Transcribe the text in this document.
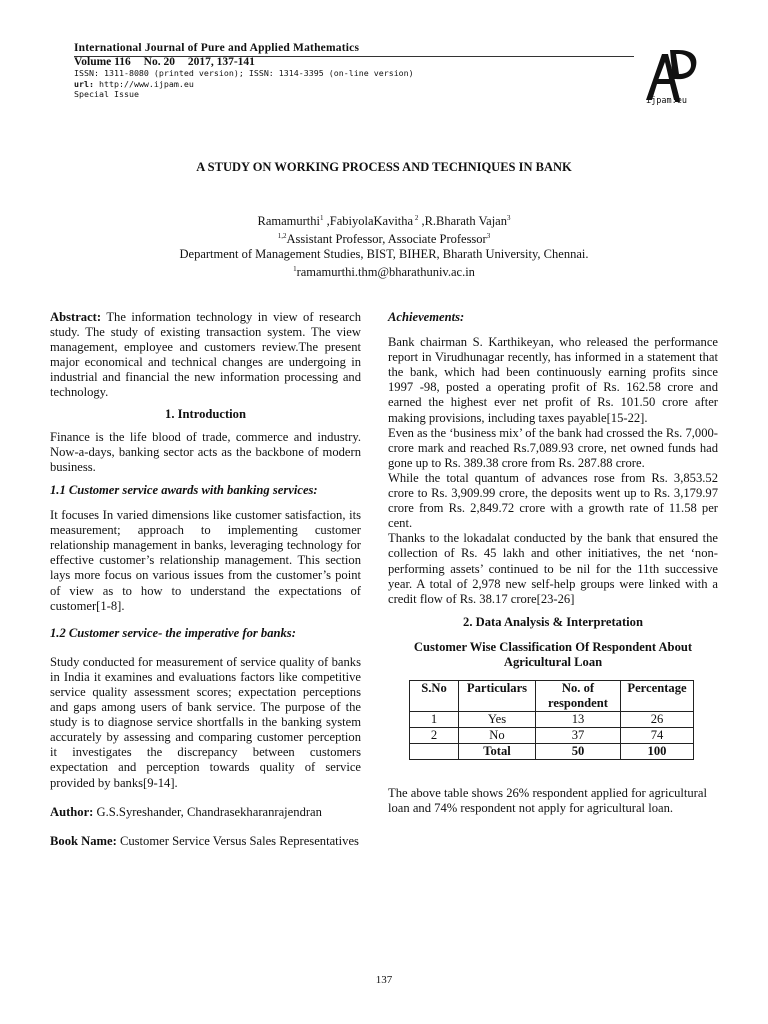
International Journal of Pure and Applied Mathematics
Volume 116 No. 20 2017, 137-141
ISSN: 1311-8080 (printed version); ISSN: 1314-3395 (on-line version)
url: http://www.ijpam.eu
Special Issue
ijpam.eu
A STUDY ON WORKING PROCESS AND TECHNIQUES IN BANK
Ramamurthi$^1$ ,FabiyolaKavitha $^2$ ,R.Bharath Vajan$^3$
$^{1,2}$Assistant Professor, Associate Professor$^3$
Department of Management Studies, BIST, BIHER, Bharath University, Chennai.
$^1$ramamurthi.thm@bharathuniv.ac.in

Abstract: The information technology in view of research study. The study of existing transaction system. The view management, employee and customers review.The present major economical and technical changes are undergoing in industrial and financial the new information processing and technology.

1. Introduction

Finance is the life blood of trade, commerce and industry. Now-a-days, banking sector acts as the backbone of modern business.

1.1 Customer service awards with banking services:

It focuses In varied dimensions like customer satisfaction, its measurement; approach to implementing customer relationship management in banks, leveraging technology for effective customer’s relationship management. This section lays more focus on various issues from the customer’s point of view as to how to understand the expectations of customer[1-8].

1.2 Customer service- the imperative for banks:

Study conducted for measurement of service quality of banks in India it examines and evaluations factors like competitive service quality assessment scores; expectation perceptions and gaps among users of bank service. The purpose of the study is to diagnose service shortfalls in the banking system accurately by assessing and comparing customer perception it investigates the discrepancy between customers expectation and perception towards quality of service provided by banks[9-14].

Author: G.S.Syreshander, Chandrasekharanrajendran

Book Name: Customer Service Versus Sales Representatives

Achievements:

Bank chairman S. Karthikeyan, who released the performance report in Virudhunagar recently, has informed in a statement that the bank, which had been continuously earning profits since 1997 -98, posted a operating profit of Rs. 162.58 crore and earned the highest ever net profit of Rs. 101.50 crore after making provisions, including taxes payable[15-22].

Even as the ‘business mix’ of the bank had crossed the Rs. 7,000-crore mark and reached Rs.7,089.93 crore, net owned funds had gone up to Rs. 389.38 crore from Rs. 287.88 crore.

While the total quantum of advances rose from Rs. 3,853.52 crore to Rs. 3,909.99 crore, the deposits went up to Rs. 3,179.97 crore from Rs. 2,849.72 crore with a growth rate of 11.58 per cent.

Thanks to the lokadalat conducted by the bank that ensured the collection of Rs. 45 lakh and other initiatives, the net ‘non-performing assets’ continued to be nil for the 11th successive year. A total of 2,978 new self-help groups were linked with a credit flow of Rs. 38.17 crore[23-26]

2. Data Analysis & Interpretation
Customer Wise Classification Of Respondent About Agricultural Loan
S.No	Particulars	No. of respondent	Percentage
1	Yes	13	26
2	No	37	74
	Total	50	100

The above table shows 26% respondent applied for agricultural loan and 74% respondent not apply for agricultural loan.

137
